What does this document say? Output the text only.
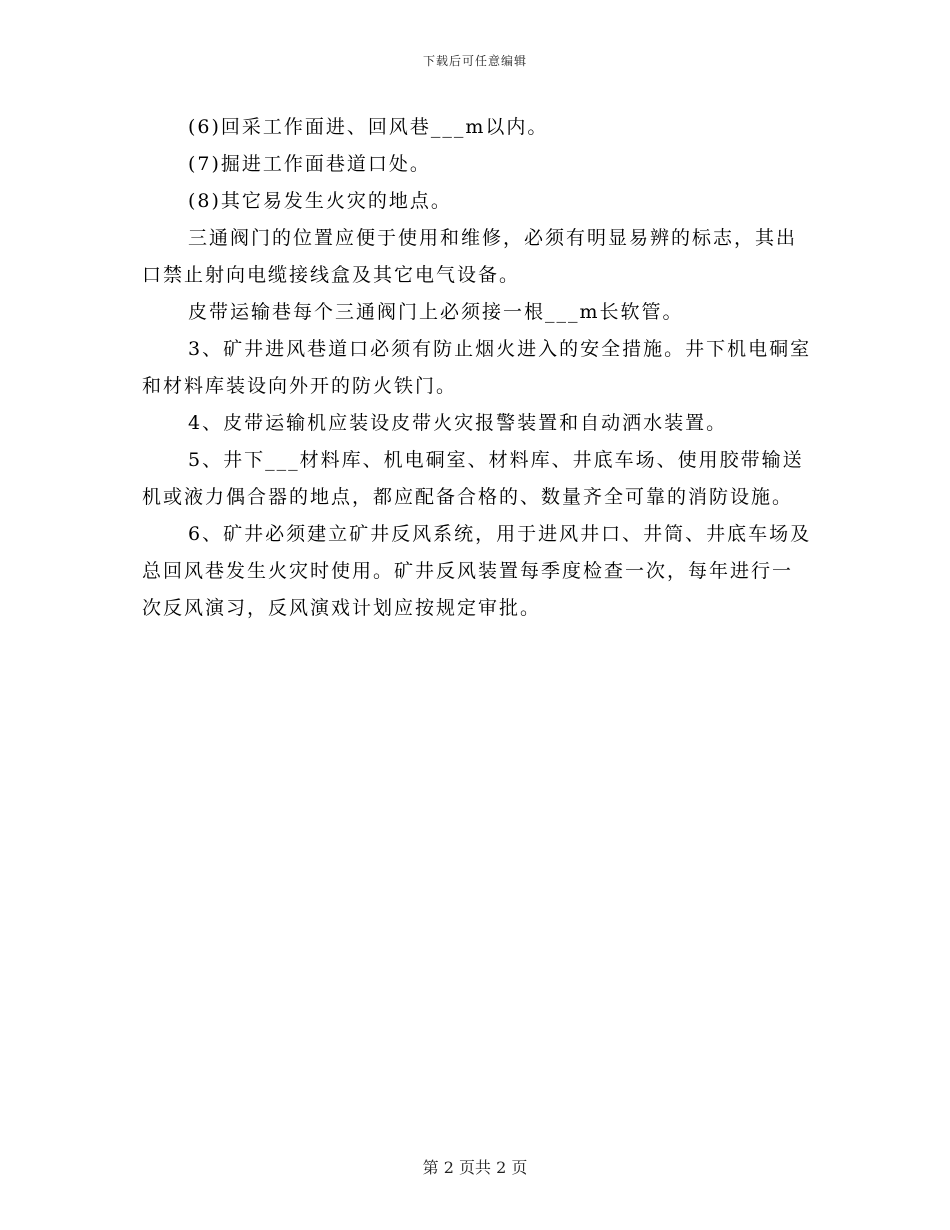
下载后可任意编辑

(6)回采工作面进、回风巷___m以内。

(7)掘进工作面巷道口处。

(8)其它易发生火灾的地点。

三通阀门的位置应便于使用和维修，必须有明显易辨的标志，其出口禁止射向电缆接线盒及其它电气设备。

皮带运输巷每个三通阀门上必须接一根___m长软管。

3、矿井进风巷道口必须有防止烟火进入的安全措施。井下机电硐室和材料库装设向外开的防火铁门。

4、皮带运输机应装设皮带火灾报警装置和自动洒水装置。

5、井下___材料库、机电硐室、材料库、井底车场、使用胶带输送机或液力偶合器的地点，都应配备合格的、数量齐全可靠的消防设施。

6、矿井必须建立矿井反风系统，用于进风井口、井筒、井底车场及总回风巷发生火灾时使用。矿井反风装置每季度检查一次，每年进行一次反风演习，反风演戏计划应按规定审批。

第 2 页共 2 页
